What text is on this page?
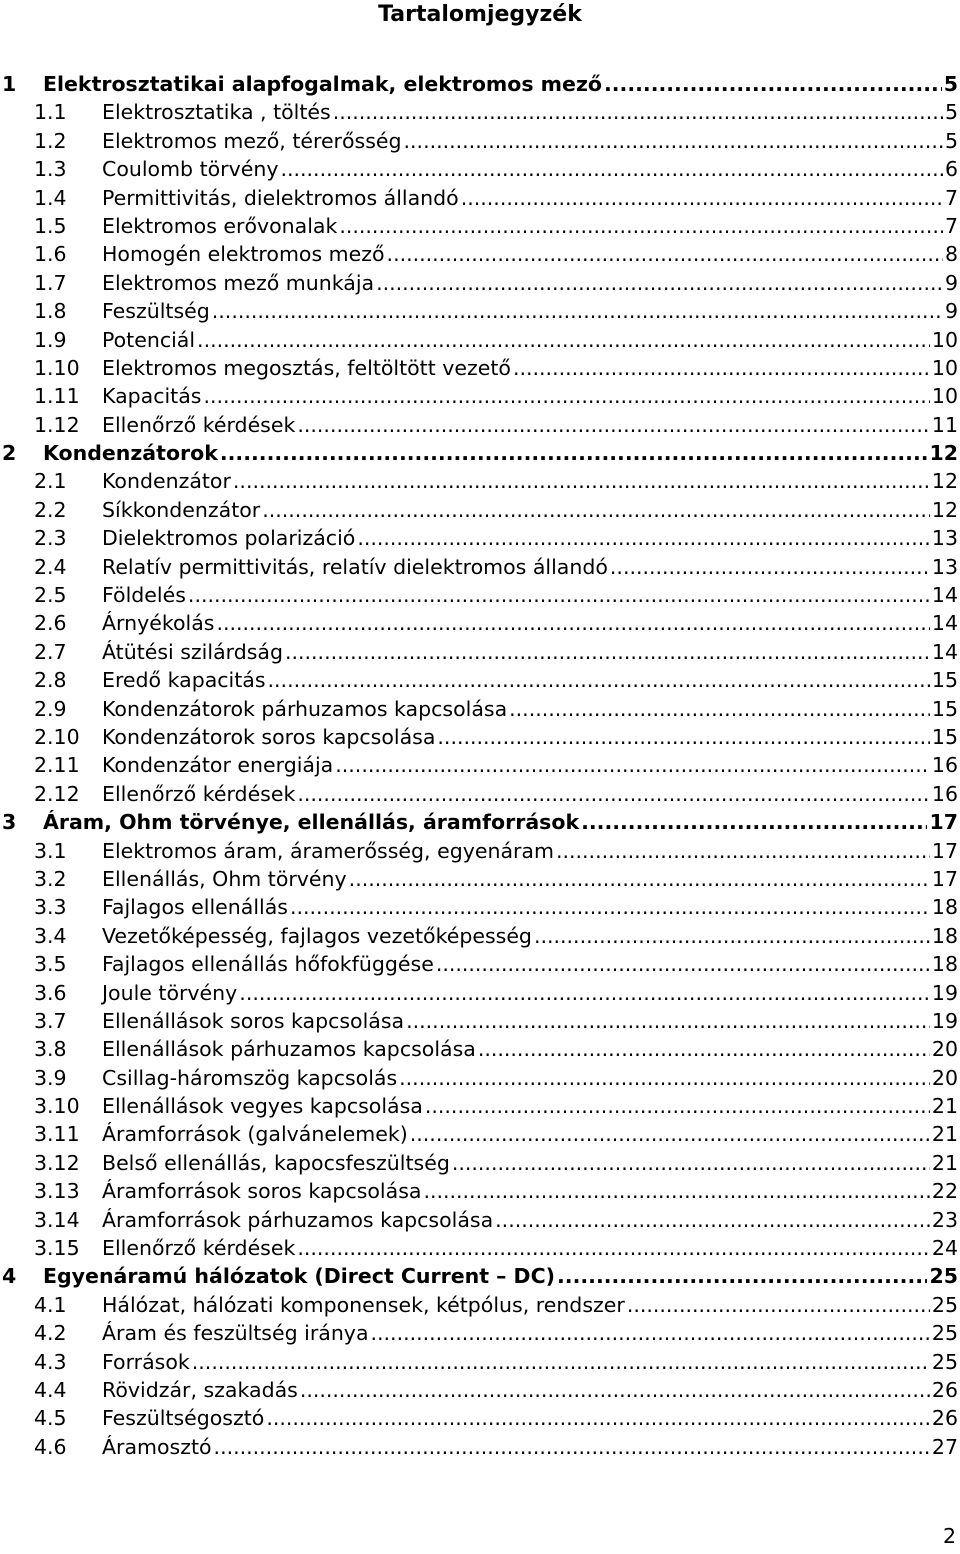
Tartalomjegyzék
1 Elektrosztatikai alapfogalmak, elektromos mező .....	5
1.1 Elektrosztatika , töltés .....	5
1.2 Elektromos mező, térerősség .....	5
1.3 Coulomb törvény .....	6
1.4 Permittivitás, dielektromos állandó .....	7
1.5 Elektromos erővonalak .....	7
1.6 Homogén elektromos mező .....	8
1.7 Elektromos mező munkája .....	9
1.8 Feszültség .....	9
1.9 Potenciál .....	10
1.10 Elektromos megosztás, feltöltött vezető .....	10
1.11 Kapacitás .....	10
1.12 Ellenőrző kérdések .....	11
2 Kondenzátorok .....	12
2.1 Kondenzátor .....	12
2.2 Síkkondenzátor .....	12
2.3 Dielektromos polarizáció .....	13
2.4 Relatív permittivitás, relatív dielektromos állandó .....	13
2.5 Földelés .....	14
2.6 Árnyékolás .....	14
2.7 Átütési szilárdság .....	14
2.8 Eredő kapacitás .....	15
2.9 Kondenzátorok párhuzamos kapcsolása .....	15
2.10 Kondenzátorok soros kapcsolása .....	15
2.11 Kondenzátor energiája .....	16
2.12 Ellenőrző kérdések .....	16
3 Áram, Ohm törvénye, ellenállás, áramforrások .....	17
3.1 Elektromos áram, áramerősség, egyenáram .....	17
3.2 Ellenállás, Ohm törvény .....	17
3.3 Fajlagos ellenállás .....	18
3.4 Vezetőképesség, fajlagos vezetőképesség .....	18
3.5 Fajlagos ellenállás hőfokfüggése .....	18
3.6 Joule törvény .....	19
3.7 Ellenállások soros kapcsolása .....	19
3.8 Ellenállások párhuzamos kapcsolása .....	20
3.9 Csillag-háromszög kapcsolás .....	20
3.10 Ellenállások vegyes kapcsolása .....	21
3.11 Áramforrások (galvánelemek) .....	21
3.12 Belső ellenállás, kapocsfeszültség .....	21
3.13 Áramforrások soros kapcsolása .....	22
3.14 Áramforrások párhuzamos kapcsolása .....	23
3.15 Ellenőrző kérdések .....	24
4 Egyenáramú hálózatok (Direct Current – DC) .....	25
4.1 Hálózat, hálózati komponensek, kétpólus, rendszer .....	25
4.2 Áram és feszültség iránya .....	25
4.3 Források .....	25
4.4 Rövidzár, szakadás .....	26
4.5 Feszültségosztó .....	26
4.6 Áramosztó .....	27
2
